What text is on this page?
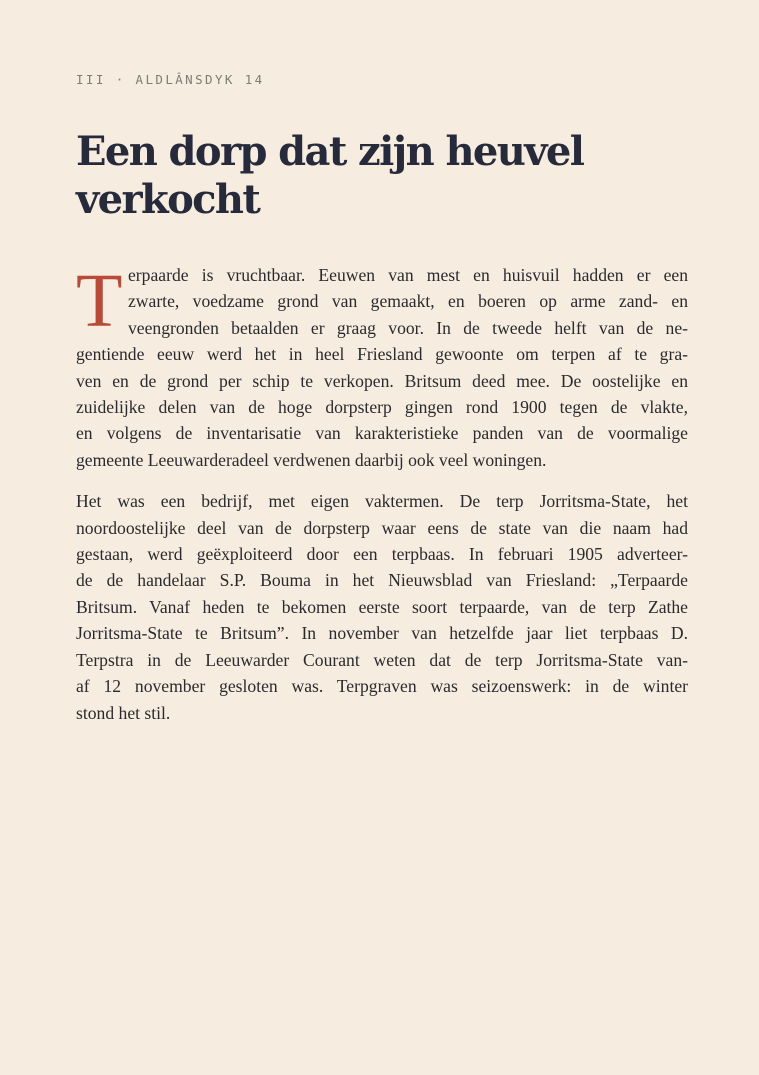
III · ALDLÂNSDYK 14
Een dorp dat zijn heuvel
verkocht

T erpaarde is vruchtbaar. Eeuwen van mest en huisvuil hadden er een
zwarte, voedzame grond van gemaakt, en boeren op arme zand- en
veengronden betaalden er graag voor. In de tweede helft van de ne-
gentiende eeuw werd het in heel Friesland gewoonte om terpen af te gra-
ven en de grond per schip te verkopen. Britsum deed mee. De oostelijke en
zuidelijke delen van de hoge dorpsterp gingen rond 1900 tegen de vlakte,
en volgens de inventarisatie van karakteristieke panden van de voormalige
gemeente Leeuwarderadeel verdwenen daarbij ook veel woningen.

Het was een bedrijf, met eigen vaktermen. De terp Jorritsma-State, het
noordoostelijke deel van de dorpsterp waar eens de state van die naam had
gestaan, werd geëxploiteerd door een terpbaas. In februari 1905 adverteer-
de de handelaar S.P. Bouma in het Nieuwsblad van Friesland: „Terpaarde
Britsum. Vanaf heden te bekomen eerste soort terpaarde, van de terp Zathe
Jorritsma-State te Britsum”. In november van hetzelfde jaar liet terpbaas D.
Terpstra in de Leeuwarder Courant weten dat de terp Jorritsma-State van-
af 12 november gesloten was. Terpgraven was seizoenswerk: in de winter
stond het stil.
